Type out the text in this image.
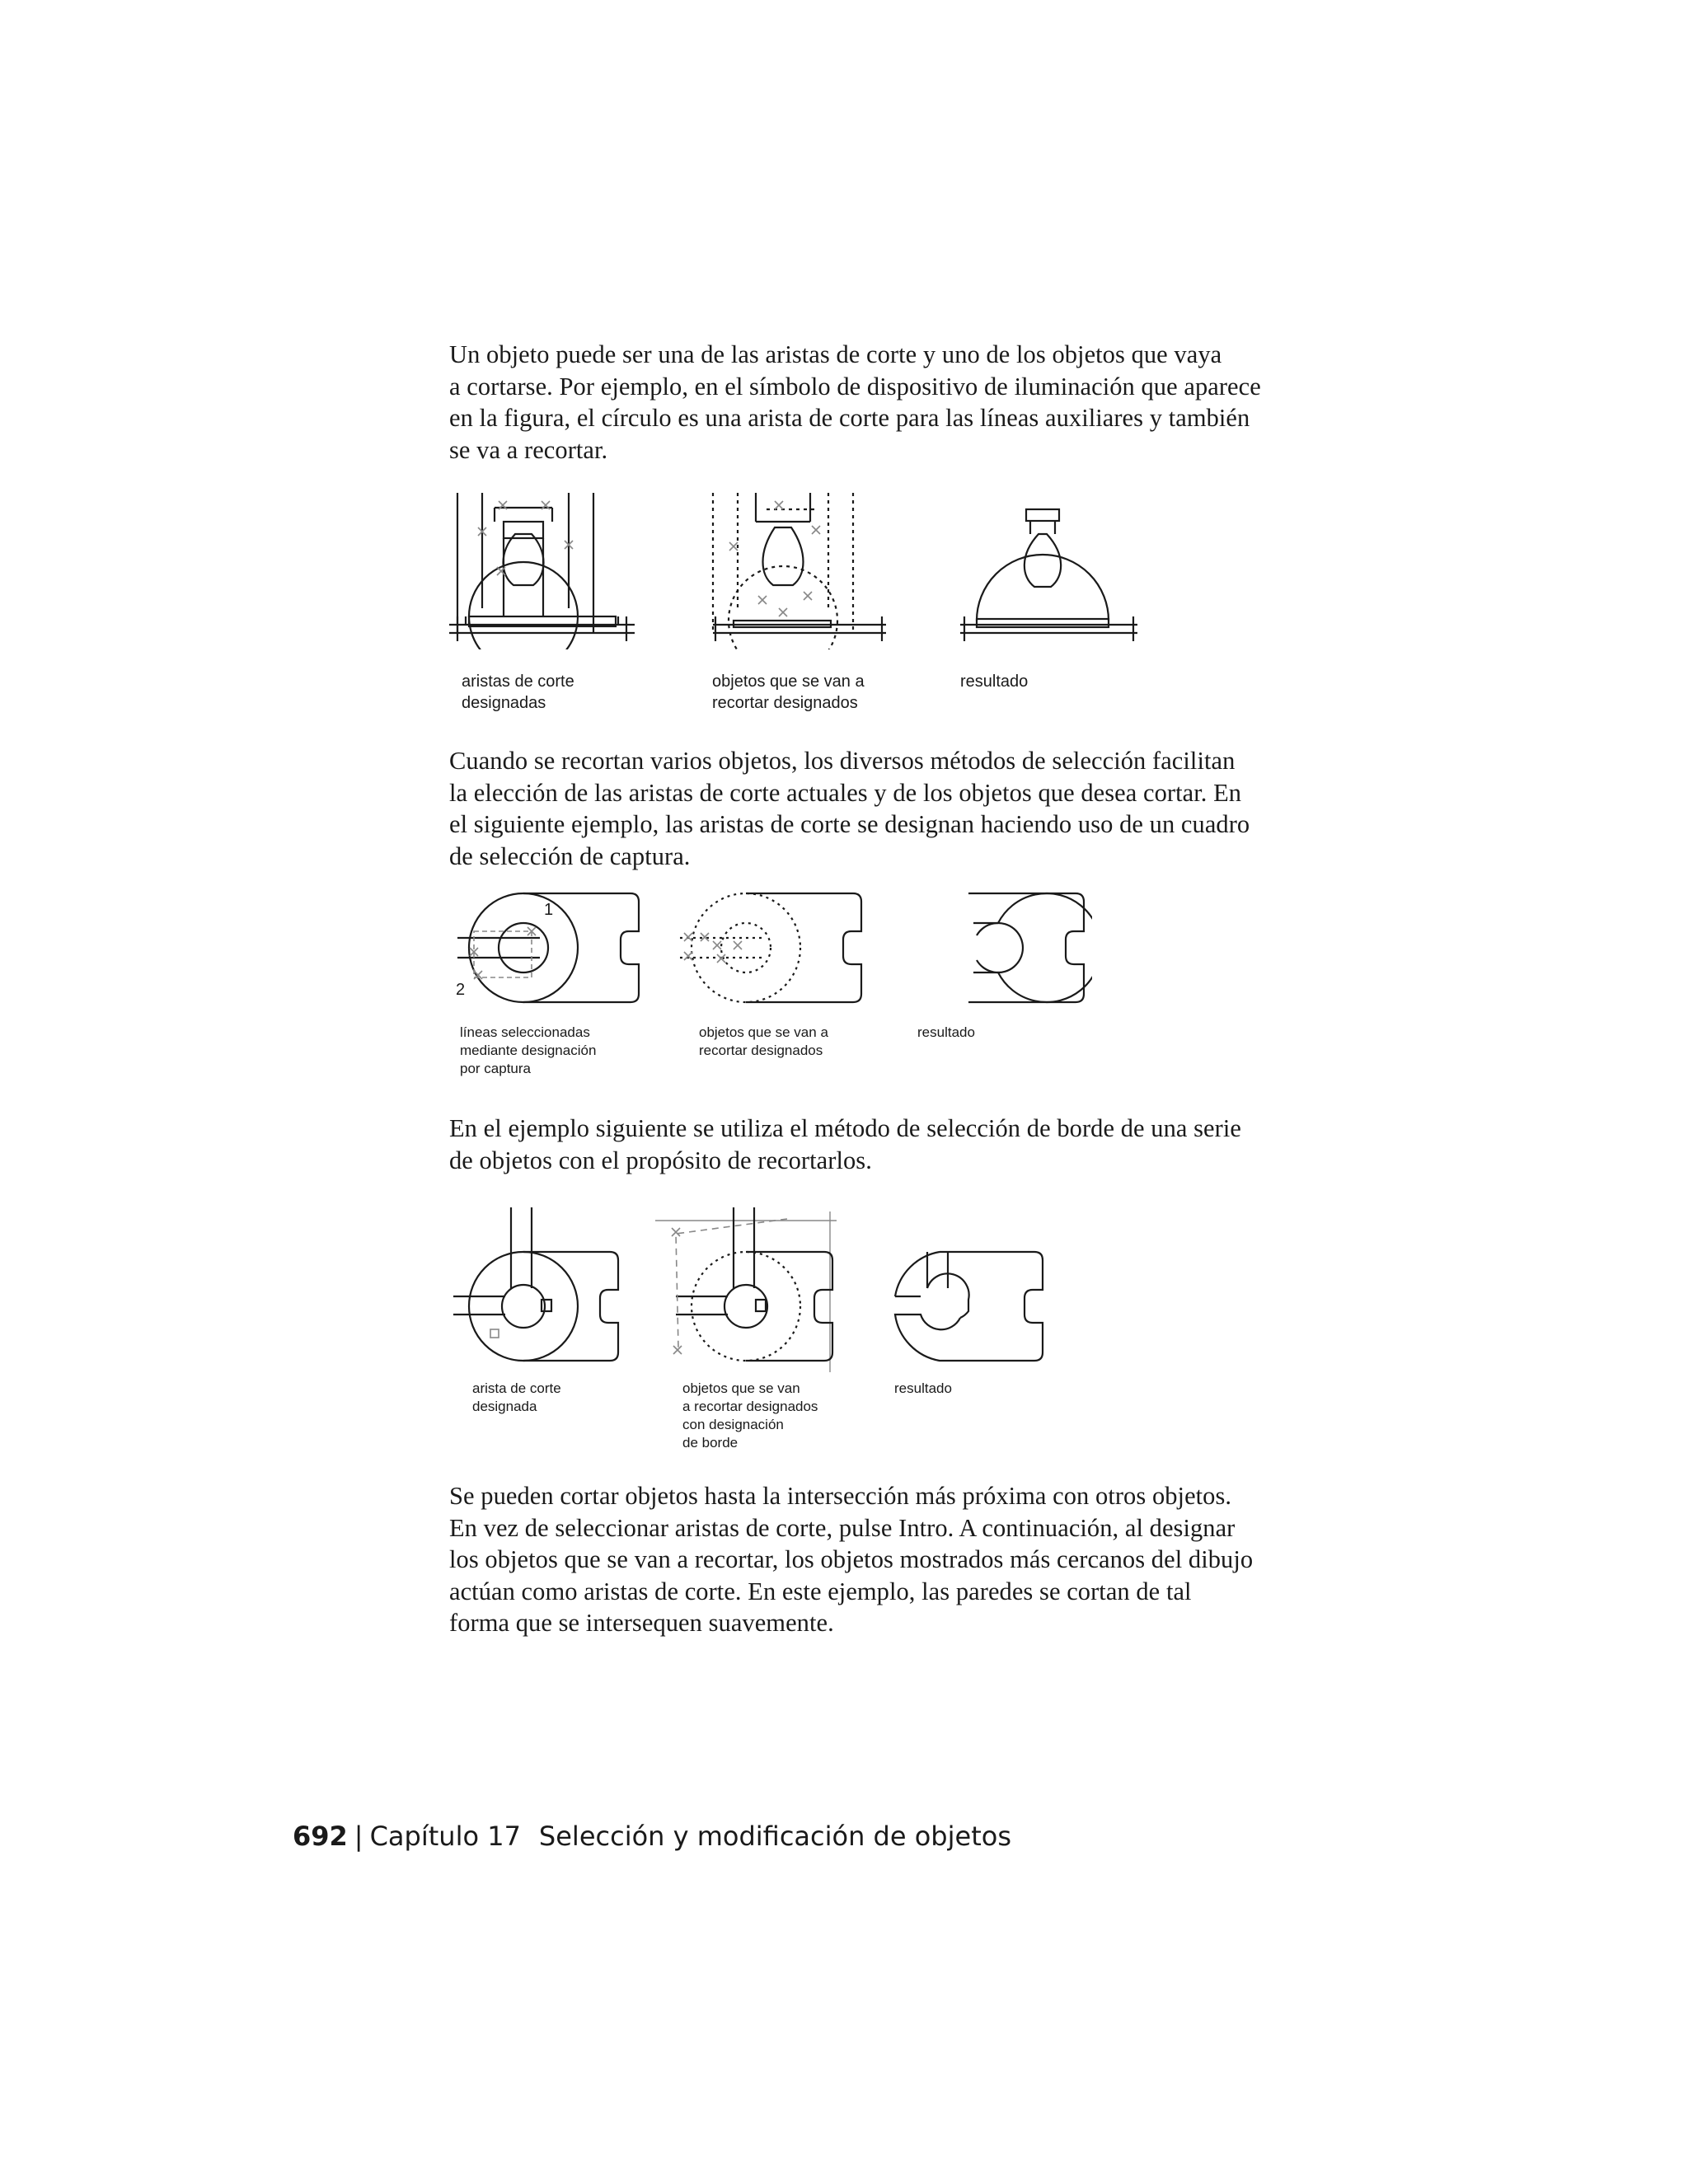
Un objeto puede ser una de las aristas de corte y uno de los objetos que vaya
a cortarse. Por ejemplo, en el símbolo de dispositivo de iluminación que aparece
en la figura, el círculo es una arista de corte para las líneas auxiliares y también
se va a recortar.

aristas de corte
designadas

objetos que se van a
recortar designados

resultado

Cuando se recortan varios objetos, los diversos métodos de selección facilitan
la elección de las aristas de corte actuales y de los objetos que desea cortar. En
el siguiente ejemplo, las aristas de corte se designan haciendo uso de un cuadro
de selección de captura.

1

2

líneas seleccionadas
mediante designación
por captura

objetos que se van a
recortar designados

resultado

En el ejemplo siguiente se utiliza el método de selección de borde de una serie
de objetos con el propósito de recortarlos.

arista de corte
designada

objetos que se van
a recortar designados
con designación
de borde

resultado

Se pueden cortar objetos hasta la intersección más próxima con otros objetos.
En vez de seleccionar aristas de corte, pulse Intro. A continuación, al designar
los objetos que se van a recortar, los objetos mostrados más cercanos del dibujo
actúan como aristas de corte. En este ejemplo, las paredes se cortan de tal
forma que se intersequen suavemente.

692 | Capítulo 17 Selección y modificación de objetos
